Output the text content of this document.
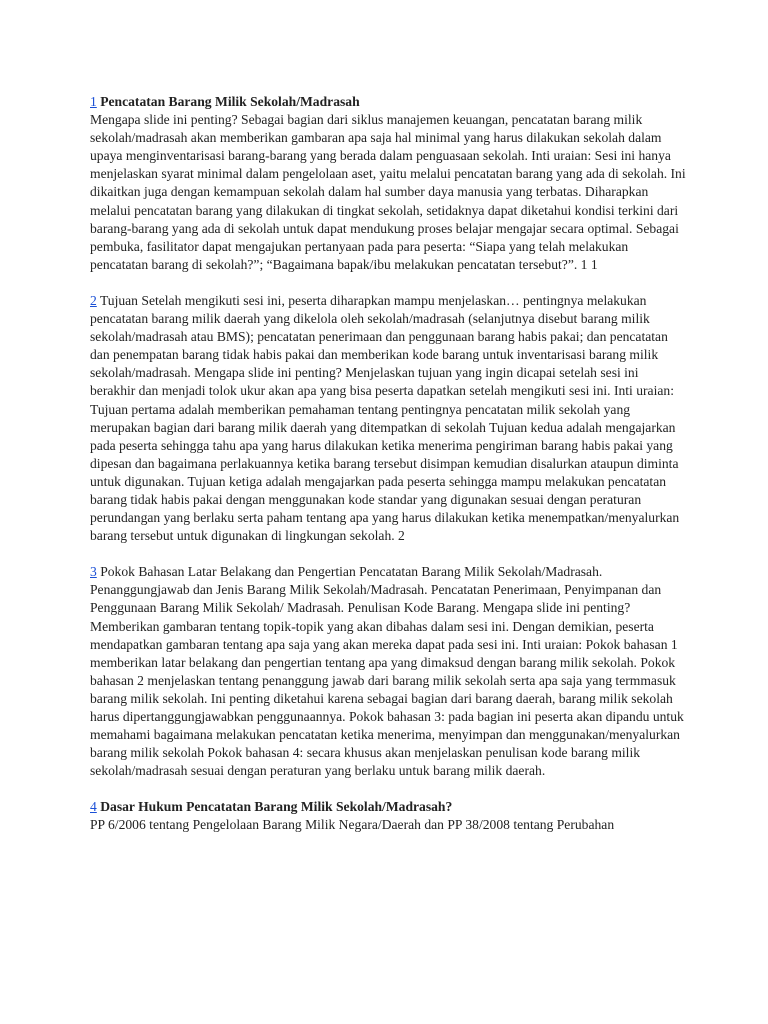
1 Pencatatan Barang Milik Sekolah/Madrasah
Mengapa slide ini penting? Sebagai bagian dari siklus manajemen keuangan, pencatatan barang milik sekolah/madrasah akan memberikan gambaran apa saja hal minimal yang harus dilakukan sekolah dalam upaya menginventarisasi barang-barang yang berada dalam penguasaan sekolah. Inti uraian: Sesi ini hanya menjelaskan syarat minimal dalam pengelolaan aset, yaitu melalui pencatatan barang yang ada di sekolah. Ini dikaitkan juga dengan kemampuan sekolah dalam hal sumber daya manusia yang terbatas. Diharapkan melalui pencatatan barang yang dilakukan di tingkat sekolah, setidaknya dapat diketahui kondisi terkini dari barang-barang yang ada di sekolah untuk dapat mendukung proses belajar mengajar secara optimal. Sebagai pembuka, fasilitator dapat mengajukan pertanyaan pada para peserta: “Siapa yang telah melakukan pencatatan barang di sekolah?”; “Bagaimana bapak/ibu melakukan pencatatan tersebut?”. 1 1

2 Tujuan Setelah mengikuti sesi ini, peserta diharapkan mampu menjelaskan… pentingnya melakukan pencatatan barang milik daerah yang dikelola oleh sekolah/madrasah (selanjutnya disebut barang milik sekolah/madrasah atau BMS); pencatatan penerimaan dan penggunaan barang habis pakai; dan pencatatan dan penempatan barang tidak habis pakai dan memberikan kode barang untuk inventarisasi barang milik sekolah/madrasah. Mengapa slide ini penting? Menjelaskan tujuan yang ingin dicapai setelah sesi ini berakhir dan menjadi tolok ukur akan apa yang bisa peserta dapatkan setelah mengikuti sesi ini. Inti uraian: Tujuan pertama adalah memberikan pemahaman tentang pentingnya pencatatan milik sekolah yang merupakan bagian dari barang milik daerah yang ditempatkan di sekolah Tujuan kedua adalah mengajarkan pada peserta sehingga tahu apa yang harus dilakukan ketika menerima pengiriman barang habis pakai yang dipesan dan bagaimana perlakuannya ketika barang tersebut disimpan kemudian disalurkan ataupun diminta untuk digunakan. Tujuan ketiga adalah mengajarkan pada peserta sehingga mampu melakukan pencatatan barang tidak habis pakai dengan menggunakan kode standar yang digunakan sesuai dengan peraturan perundangan yang berlaku serta paham tentang apa yang harus dilakukan ketika menempatkan/menyalurkan barang tersebut untuk digunakan di lingkungan sekolah. 2

3 Pokok Bahasan Latar Belakang dan Pengertian Pencatatan Barang Milik Sekolah/Madrasah. Penanggungjawab dan Jenis Barang Milik Sekolah/Madrasah. Pencatatan Penerimaan, Penyimpanan dan Penggunaan Barang Milik Sekolah/ Madrasah. Penulisan Kode Barang. Mengapa slide ini penting? Memberikan gambaran tentang topik-topik yang akan dibahas dalam sesi ini. Dengan demikian, peserta mendapatkan gambaran tentang apa saja yang akan mereka dapat pada sesi ini. Inti uraian: Pokok bahasan 1 memberikan latar belakang dan pengertian tentang apa yang dimaksud dengan barang milik sekolah. Pokok bahasan 2 menjelaskan tentang penanggung jawab dari barang milik sekolah serta apa saja yang termmasuk barang milik sekolah. Ini penting diketahui karena sebagai bagian dari barang daerah, barang milik sekolah harus dipertanggungjawabkan penggunaannya. Pokok bahasan 3: pada bagian ini peserta akan dipandu untuk memahami bagaimana melakukan pencatatan ketika menerima, menyimpan dan menggunakan/menyalurkan barang milik sekolah Pokok bahasan 4: secara khusus akan menjelaskan penulisan kode barang milik sekolah/madrasah sesuai dengan peraturan yang berlaku untuk barang milik daerah.

4 Dasar Hukum Pencatatan Barang Milik Sekolah/Madrasah?
PP 6/2006 tentang Pengelolaan Barang Milik Negara/Daerah dan PP 38/2008 tentang Perubahan
